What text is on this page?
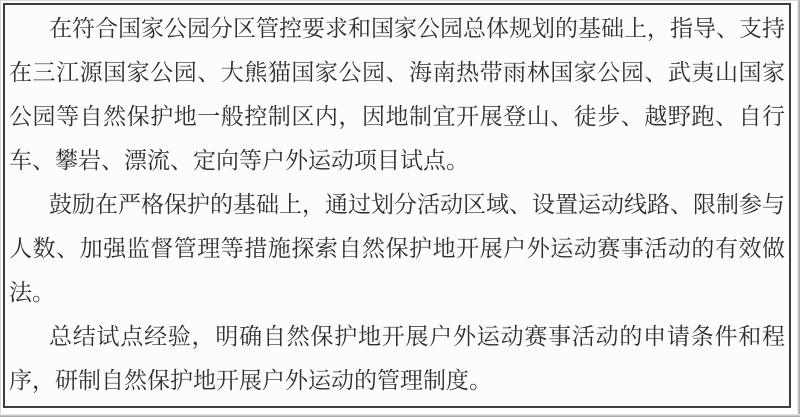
在符合国家公园分区管控要求和国家公园总体规划的基础上，指导、支持在三江源国家公园、大熊猫国家公园、海南热带雨林国家公园、武夷山国家公园等自然保护地一般控制区内，因地制宜开展登山、徒步、越野跑、自行车、攀岩、漂流、定向等户外运动项目试点。

鼓励在严格保护的基础上，通过划分活动区域、设置运动线路、限制参与人数、加强监督管理等措施探索自然保护地开展户外运动赛事活动的有效做法。

总结试点经验，明确自然保护地开展户外运动赛事活动的申请条件和程序，研制自然保护地开展户外运动的管理制度。
